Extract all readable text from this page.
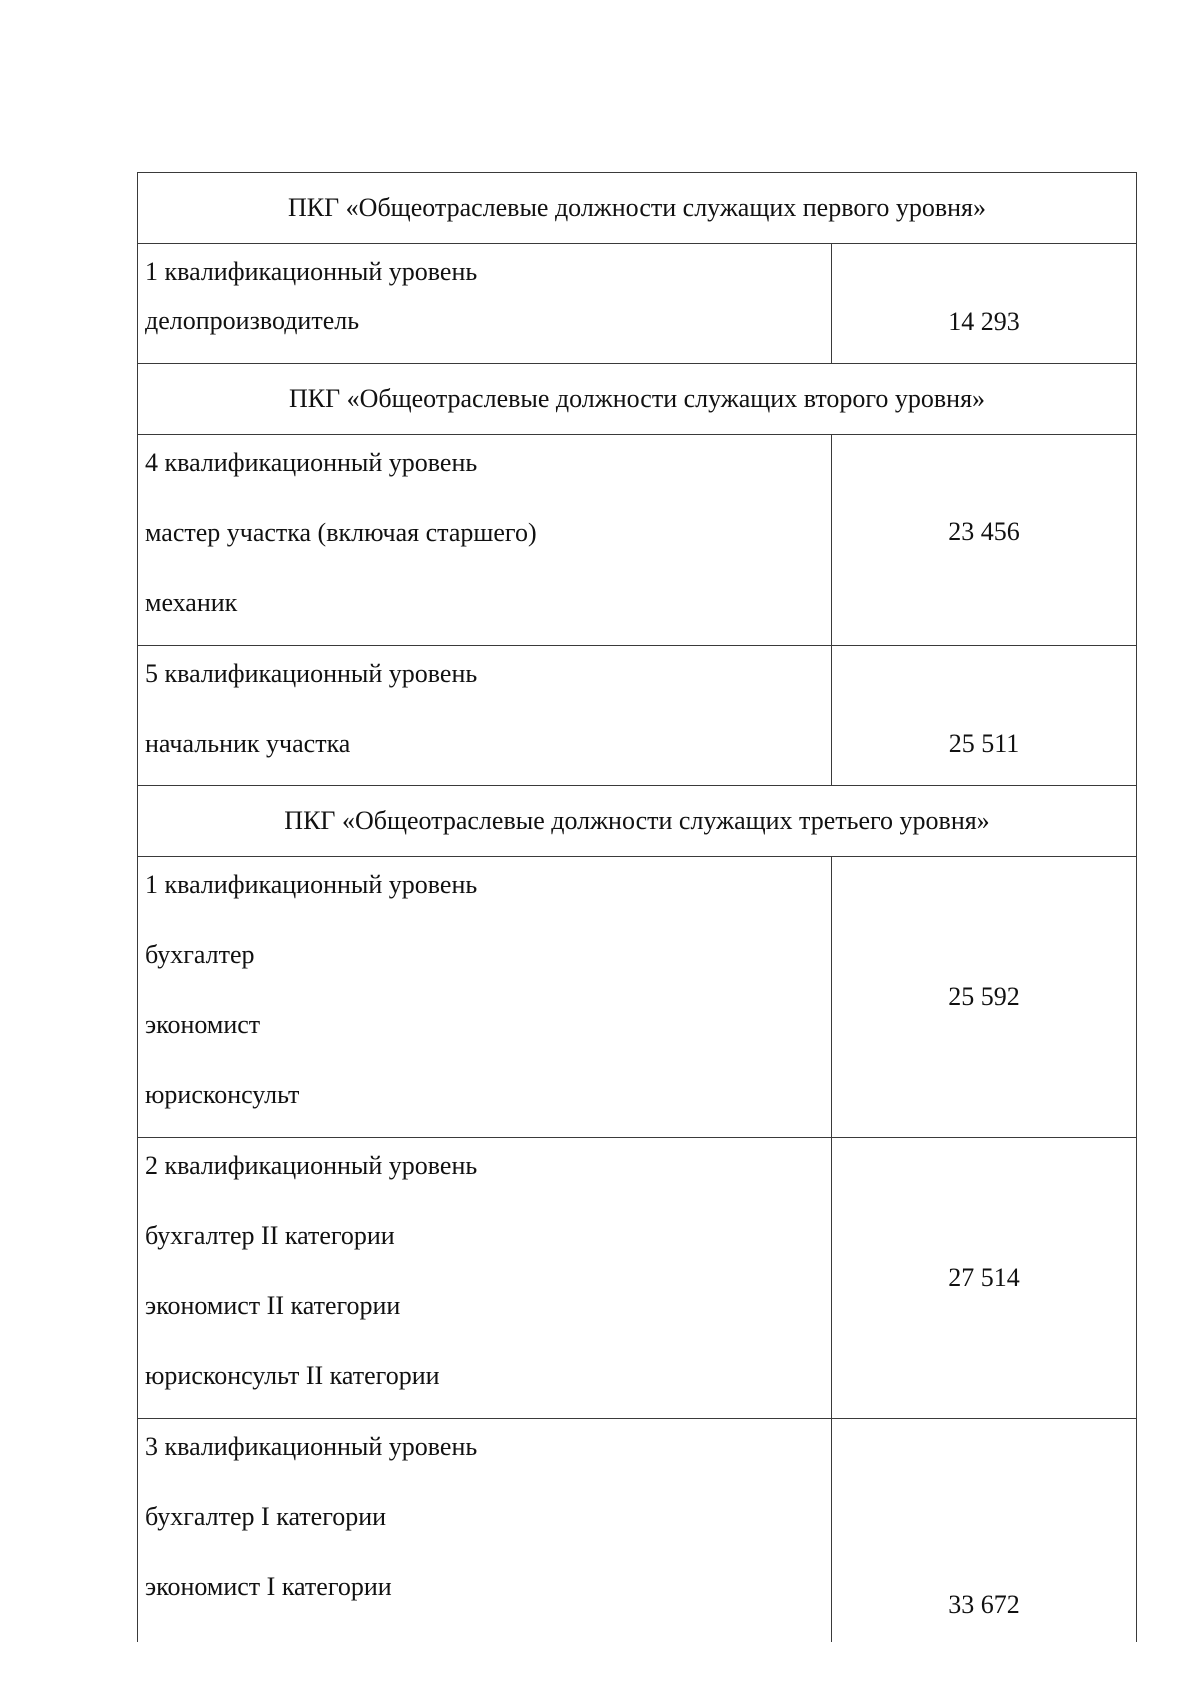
ПКГ «Общеотраслевые должности служащих первого уровня»	

1 квалификационный уровень
делопроизводитель	14 293
ПКГ «Общеотраслевые должности служащих второго уровня»	

4 квалификационный уровень
мастер участка (включая старшего)
механик	23 456

5 квалификационный уровень
начальник участка	25 511
ПКГ «Общеотраслевые должности служащих третьего уровня»	

1 квалификационный уровень
бухгалтер
экономист
юрисконсульт	25 592

2 квалификационный уровень
бухгалтер II категории
экономист II категории
юрисконсульт II категории	27 514

3 квалификационный уровень
бухгалтер I категории
экономист I категории	33 672
